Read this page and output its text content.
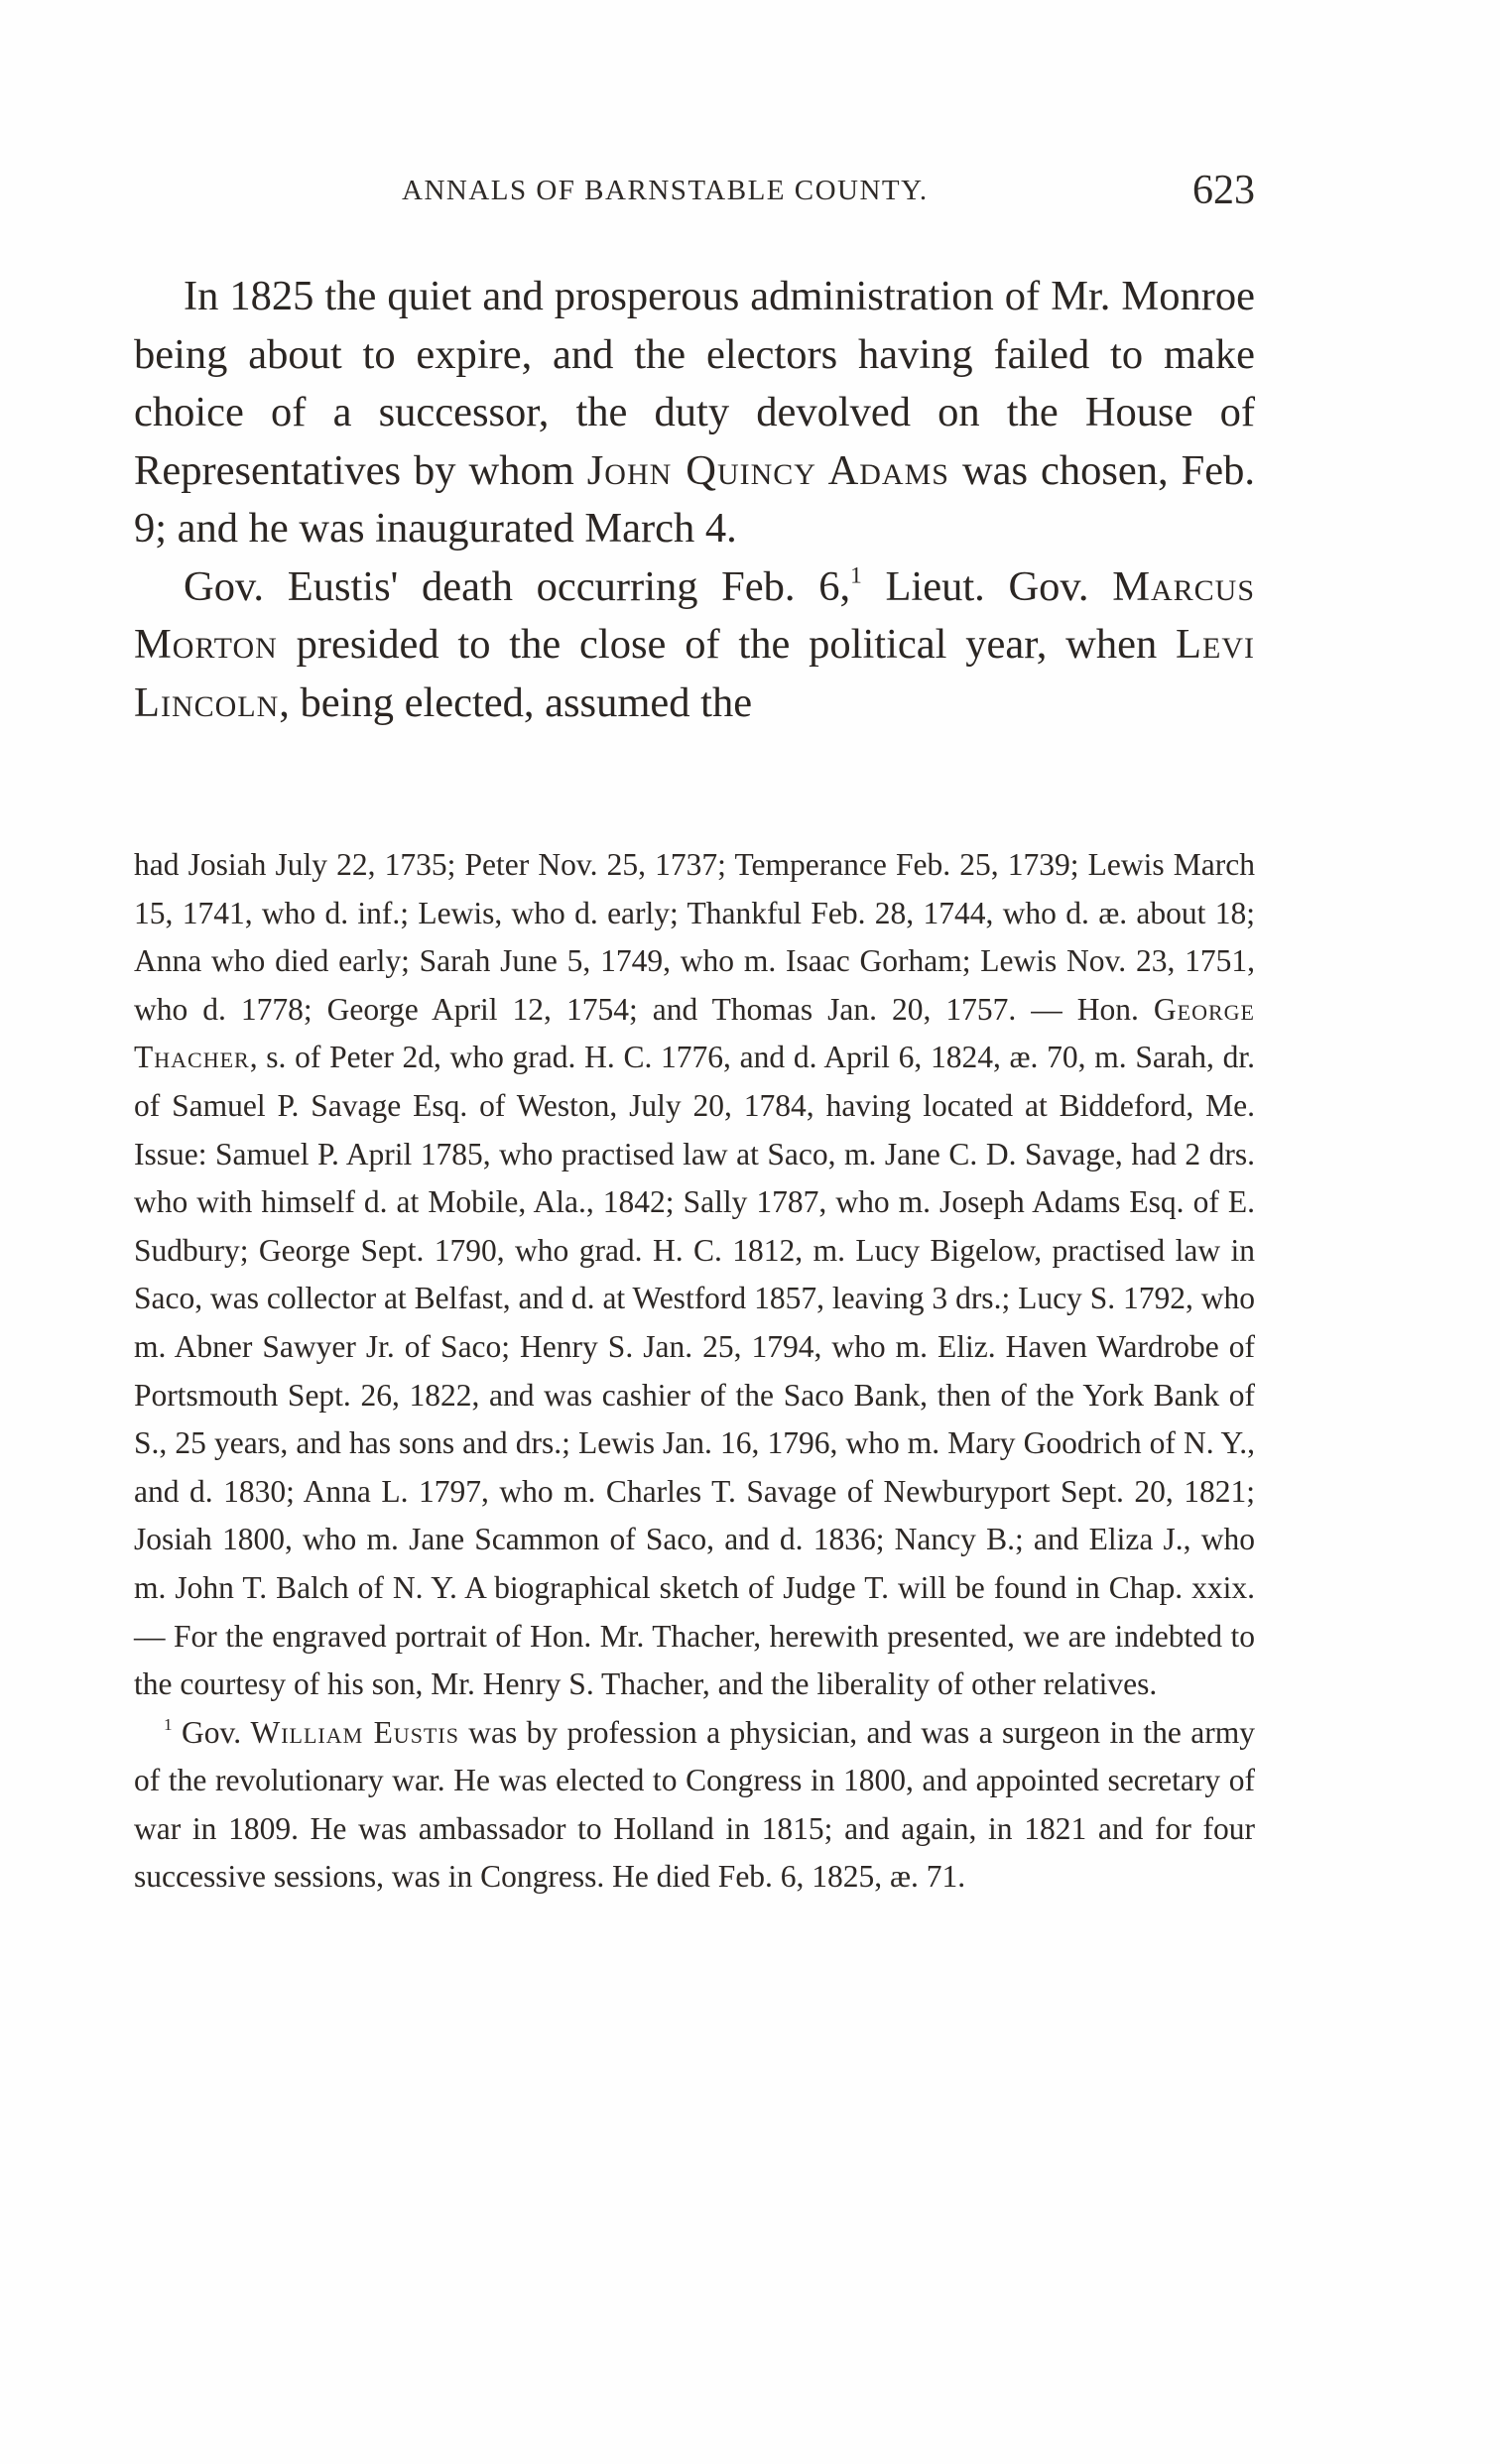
ANNALS OF BARNSTABLE COUNTY.	623

In 1825 the quiet and prosperous administration of Mr. Monroe being about to expire, and the electors having failed to make choice of a successor, the duty devolved on the House of Representatives by whom John Quincy Adams was chosen, Feb. 9; and he was inaugurated March 4.

Gov. Eustis' death occurring Feb. 6,$^1$ Lieut. Gov. Marcus Morton presided to the close of the political year, when Levi Lincoln, being elected, assumed the

had Josiah July 22, 1735; Peter Nov. 25, 1737; Temperance Feb. 25, 1739; Lewis March 15, 1741, who d. inf.; Lewis, who d. early; Thankful Feb. 28, 1744, who d. æ. about 18; Anna who died early; Sarah June 5, 1749, who m. Isaac Gorham; Lewis Nov. 23, 1751, who d. 1778; George April 12, 1754; and Thomas Jan. 20, 1757. — Hon. George Thacher, s. of Peter 2d, who grad. H. C. 1776, and d. April 6, 1824, æ. 70, m. Sarah, dr. of Samuel P. Savage Esq. of Weston, July 20, 1784, having located at Biddeford, Me. Issue: Samuel P. April 1785, who practised law at Saco, m. Jane C. D. Savage, had 2 drs. who with himself d. at Mobile, Ala., 1842; Sally 1787, who m. Joseph Adams Esq. of E. Sudbury; George Sept. 1790, who grad. H. C. 1812, m. Lucy Bigelow, practised law in Saco, was collector at Belfast, and d. at Westford 1857, leaving 3 drs.; Lucy S. 1792, who m. Abner Sawyer Jr. of Saco; Henry S. Jan. 25, 1794, who m. Eliz. Haven Wardrobe of Portsmouth Sept. 26, 1822, and was cashier of the Saco Bank, then of the York Bank of S., 25 years, and has sons and drs.; Lewis Jan. 16, 1796, who m. Mary Goodrich of N. Y., and d. 1830; Anna L. 1797, who m. Charles T. Savage of Newburyport Sept. 20, 1821; Josiah 1800, who m. Jane Scammon of Saco, and d. 1836; Nancy B.; and Eliza J., who m. John T. Balch of N. Y. A biographical sketch of Judge T. will be found in Chap. xxix. — For the engraved portrait of Hon. Mr. Thacher, herewith presented, we are indebted to the courtesy of his son, Mr. Henry S. Thacher, and the liberality of other relatives.

$^1$ Gov. William Eustis was by profession a physician, and was a surgeon in the army of the revolutionary war. He was elected to Congress in 1800, and appointed secretary of war in 1809. He was ambassador to Holland in 1815; and again, in 1821 and for four successive sessions, was in Congress. He died Feb. 6, 1825, æ. 71.
